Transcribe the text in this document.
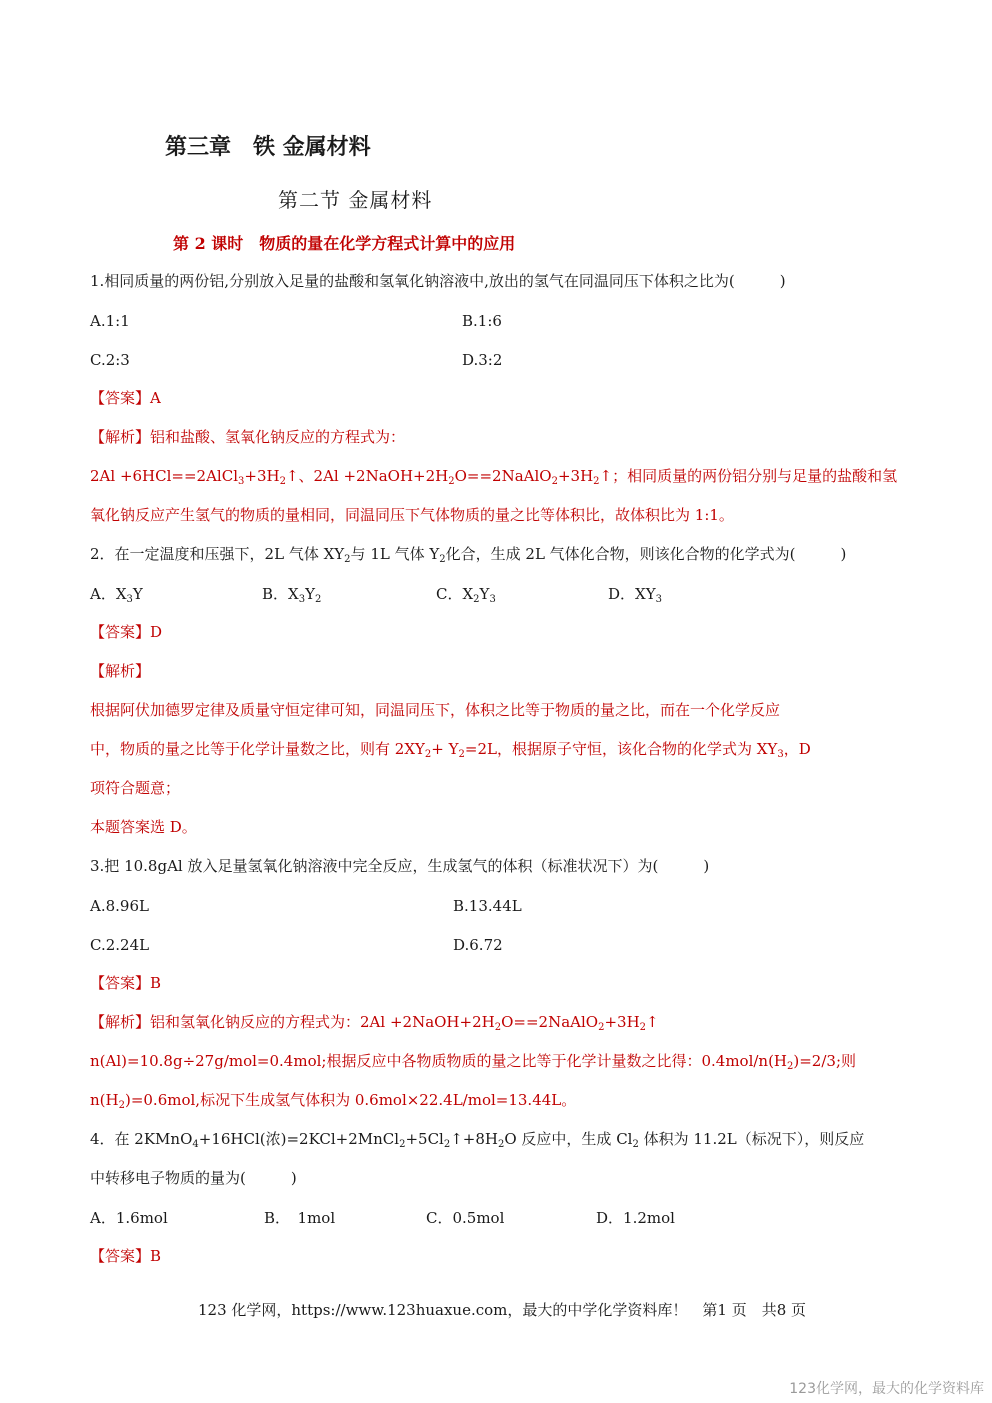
第三章　铁 金属材料
第二节 金属材料
第 2 课时　物质的量在化学方程式计算中的应用
1.相同质量的两份铝,分别放入足量的盐酸和氢氧化钠溶液中,放出的氢气在同温同压下体积之比为(　　　)
A.1:1	B.1:6
C.2:3	D.3:2
【答案】A
【解析】铝和盐酸、氢氧化钠反应的方程式为：
$2Al +6HCl==2AlCl_3+3H_2↑$、$2Al +2NaOH+2H_2O==2NaAlO_2+3H_2↑$；相同质量的两份铝分别与足量的盐酸和氢
氧化钠反应产生氢气的物质的量相同，同温同压下气体物质的量之比等体积比，故体积比为 1:1。
2．在一定温度和压强下，2L 气体 $XY_2$与 1L 气体 $Y_2$化合，生成 2L 气体化合物，则该化合物的化学式为(　　　)
A．$X_3Y$	B．$X_3Y_2$	C．$X_2Y_3$	D．$XY_3$
【答案】D
【解析】
根据阿伏加德罗定律及质量守恒定律可知，同温同压下，体积之比等于物质的量之比，而在一个化学反应
中，物质的量之比等于化学计量数之比，则有 $2XY_2+ Y_2=2L$，根据原子守恒，该化合物的化学式为 $XY_3$，D
项符合题意；
本题答案选 D。
3.把 10.8gAl 放入足量氢氧化钠溶液中完全反应，生成氢气的体积（标准状况下）为(　　　)
A.8.96L	B.13.44L
C.2.24L	D.6.72
【答案】B
【解析】铝和氢氧化钠反应的方程式为：$2Al +2NaOH+2H_2O==2NaAlO_2+3H_2↑$
n(Al)=10.8g÷27g/mol=0.4mol;根据反应中各物质物质的量之比等于化学计量数之比得：$0.4mol/n(H_2)=2/3$;则
$n(H_2)=0.6mol$,标况下生成氢气体积为 0.6mol×22.4L/mol=13.44L。
4．在 2KMnO$_4$+16HCl(浓)$=2KCl+2MnCl_2+5Cl_2↑+8H_2O$ 反应中，生成 $Cl_2$ 体积为 11.2L（标况下），则反应
中转移电子物质的量为(　　　)
A．1.6mol	B．　1mol	C．0.5mol	D．1.2mol
【答案】B
123 化学网，https://www.123huaxue.com，最大的中学化学资料库！　第1 页　共8 页
123化学网，最大的化学资料库
